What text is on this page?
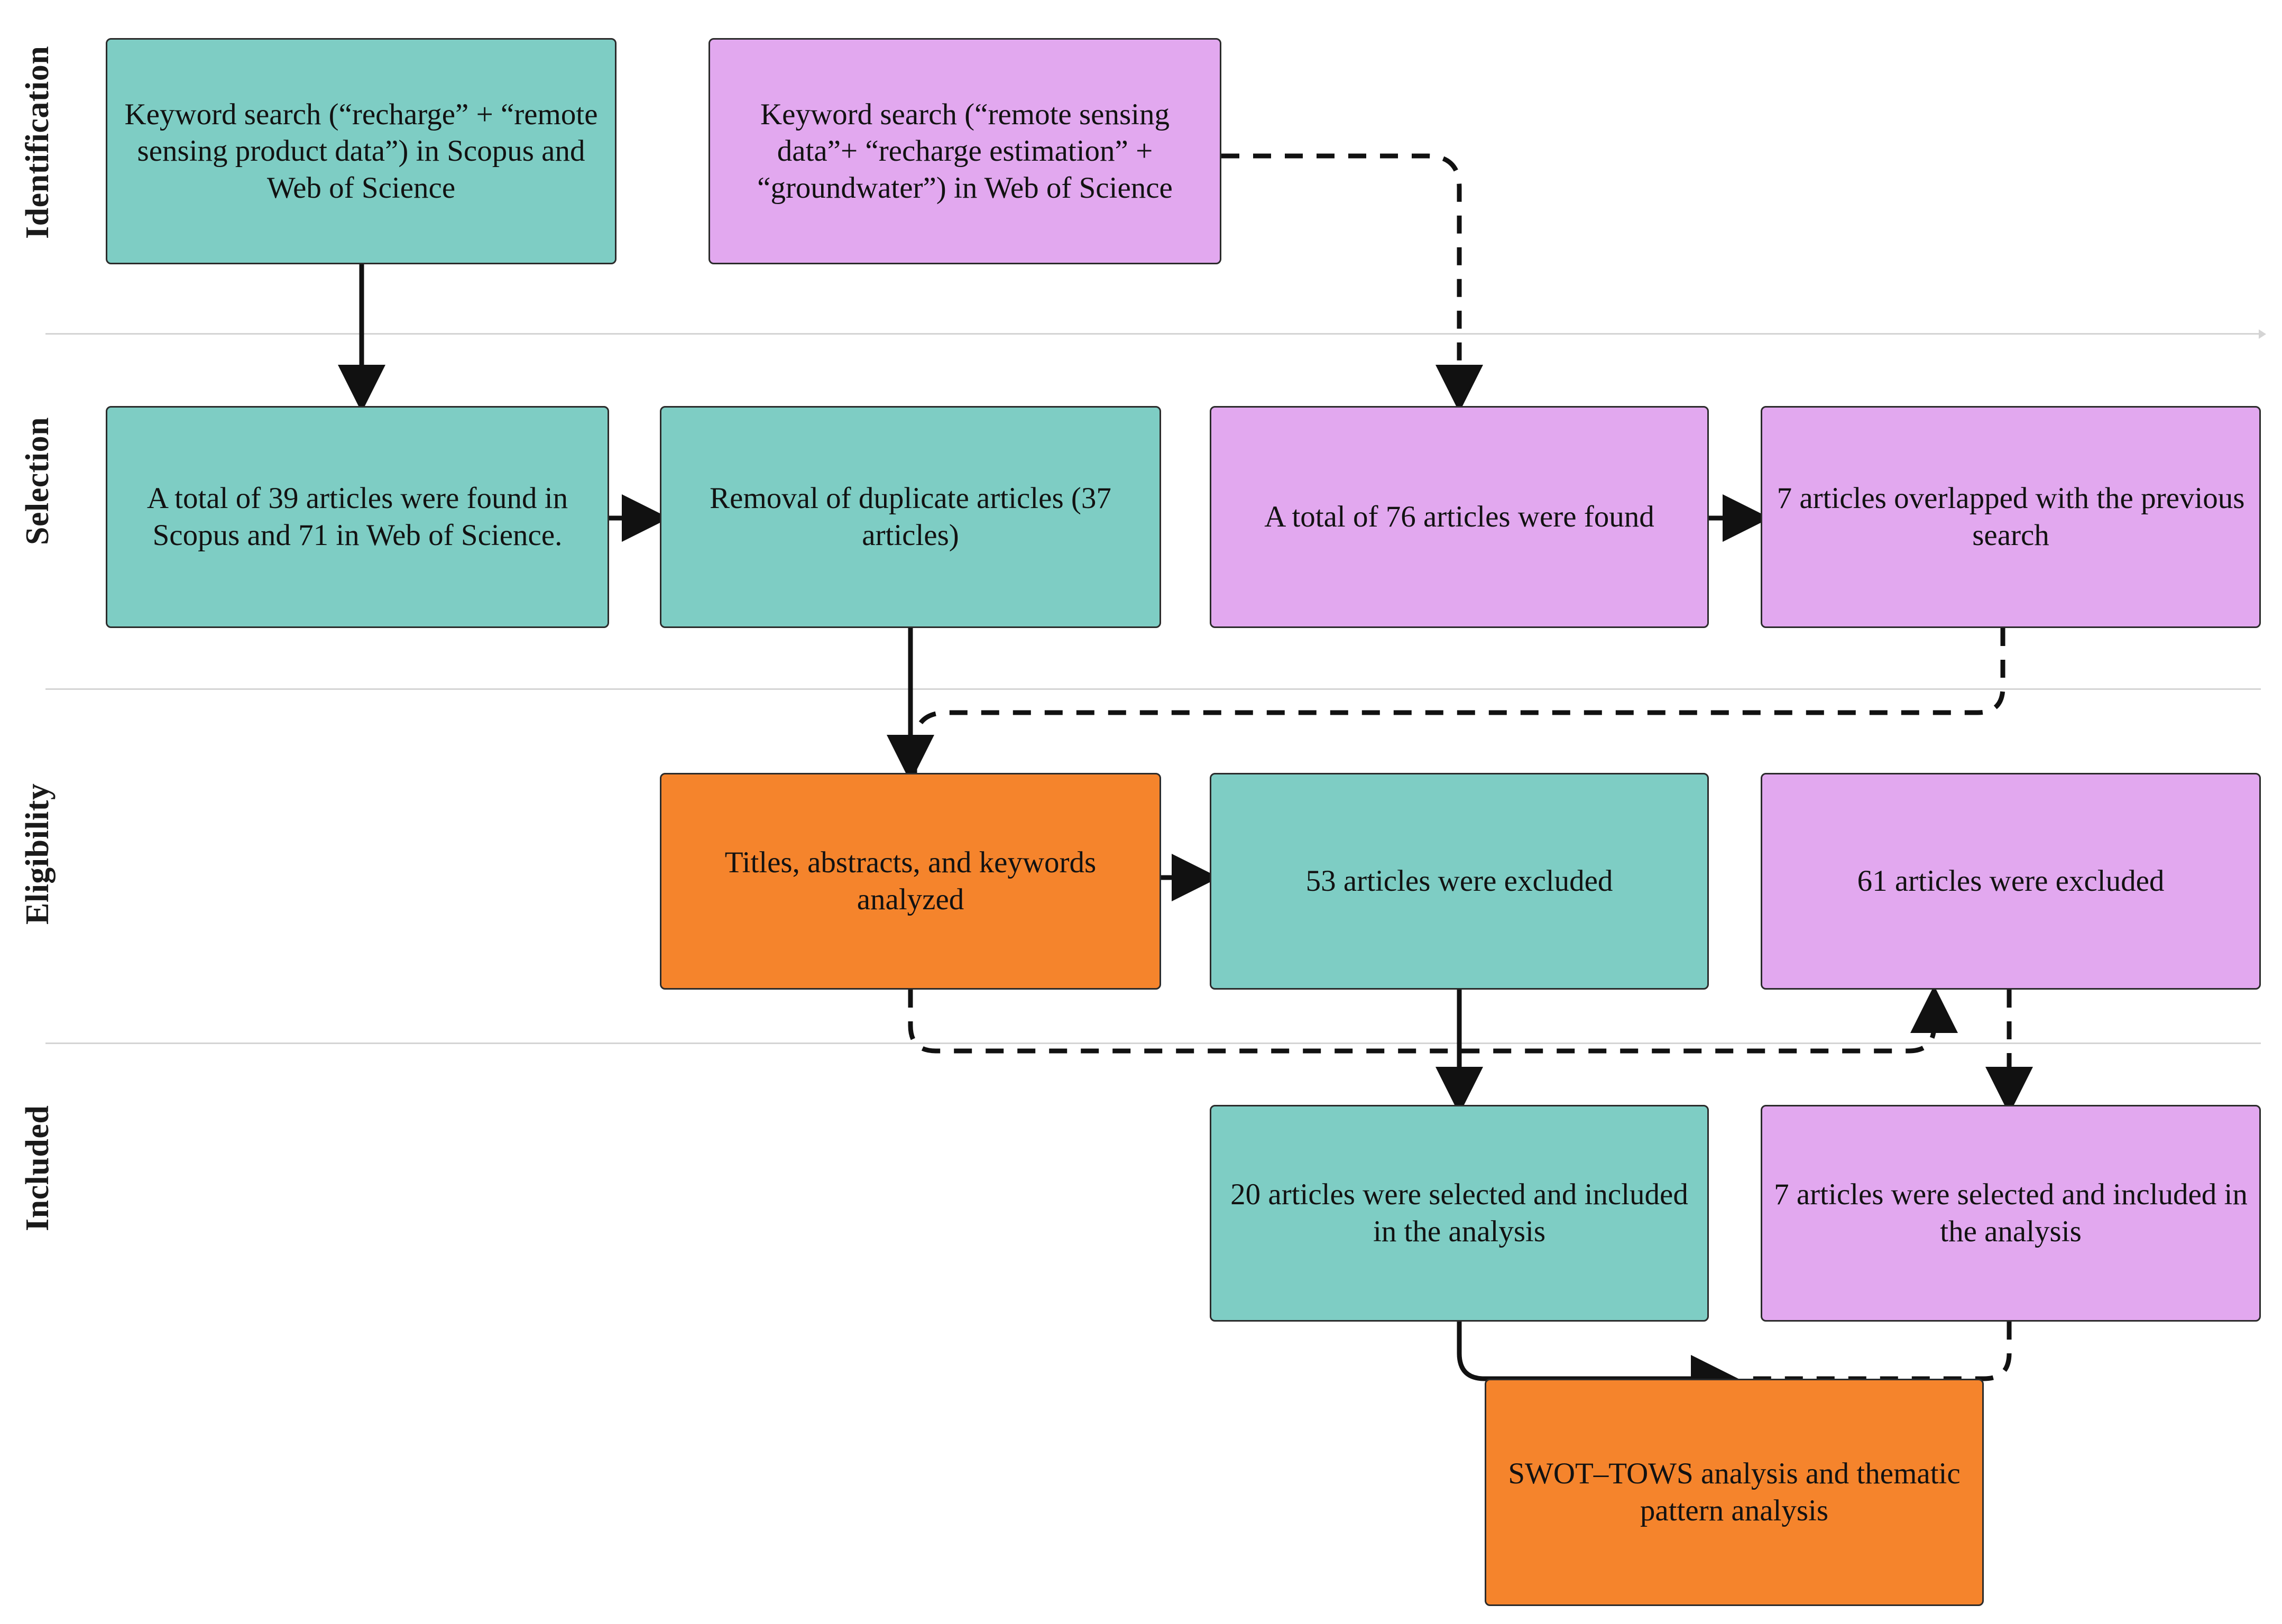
Identification
Selection
Eligibility
Included
Keyword search (“recharge” + “remote sensing product data”) in Scopus and Web of Science
Keyword search (“remote sensing data”+ “recharge estimation” + “groundwater”) in Web of Science
A total of 39 articles were found in Scopus and 71 in Web of Science.
Removal of duplicate articles (37 articles)
A total of 76 articles were found
7 articles overlapped with the previous search
Titles, abstracts, and keywords analyzed
53 articles were excluded	61 articles were excluded
20 articles were selected and included in the analysis
7 articles were selected and included in the analysis
SWOT–TOWS analysis and thematic pattern analysis
